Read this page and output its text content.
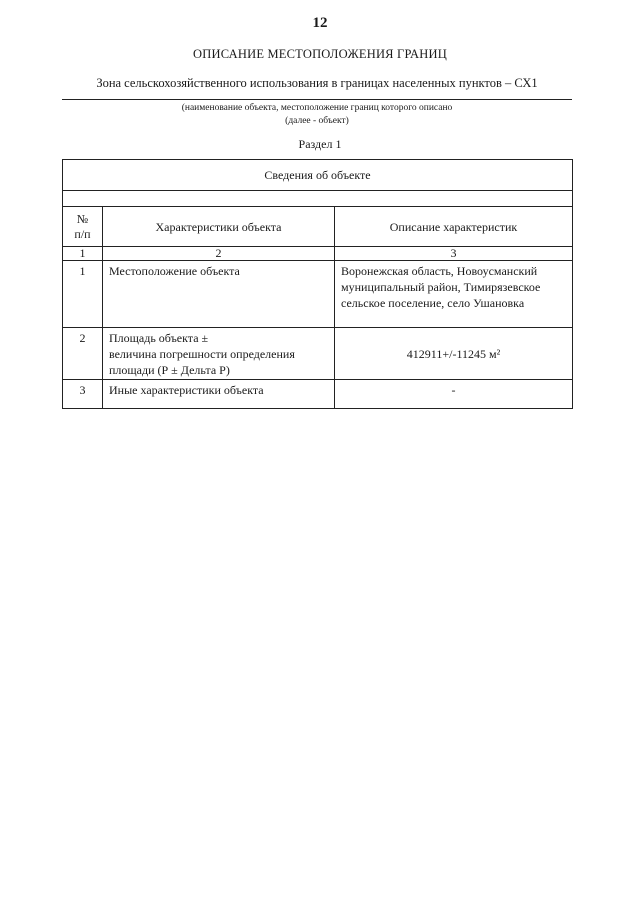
12
ОПИСАНИЕ МЕСТОПОЛОЖЕНИЯ ГРАНИЦ
Зона сельскохозяйственного использования в границах населенных пунктов – СХ1
(наименование объекта, местоположение границ которого описано
(далее - объект)
Раздел 1
Сведения об объекте		

№
п/п	Характеристики объекта	Описание характеристик
1	2	3
1	Местоположение объекта	Воронежская область, Новоусманский муниципальный район, Тимирязевское сельское поселение, село Ушановка
2	Площадь объекта ±
величина погрешности определения
площади (Р ± Дельта Р)	412911+/-11245 м²
3	Иные характеристики объекта	-
